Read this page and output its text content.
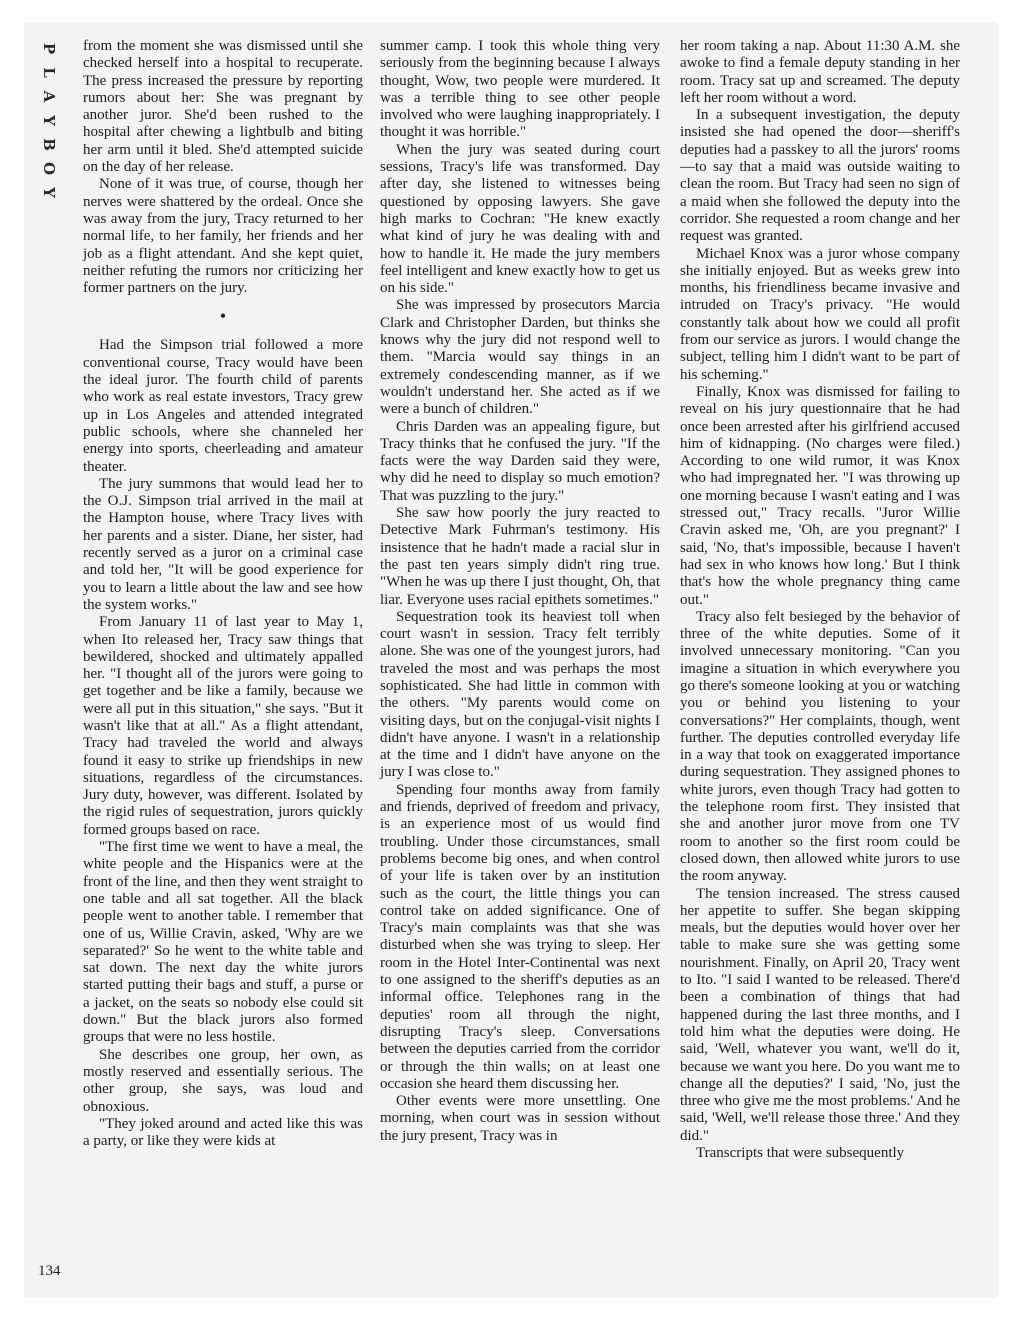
P
L
A
Y
B
O
Y

from the moment she was dismissed until she checked herself into a hospital to recuperate. The press increased the pressure by reporting rumors about her: She was pregnant by another juror. She'd been rushed to the hospital after chewing a lightbulb and biting her arm until it bled. She'd attempted suicide on the day of her release.

None of it was true, of course, though her nerves were shattered by the ordeal. Once she was away from the jury, Tracy returned to her normal life, to her family, her friends and her job as a flight attendant. And she kept quiet, neither refuting the rumors nor criticizing her former partners on the jury.

•

Had the Simpson trial followed a more conventional course, Tracy would have been the ideal juror. The fourth child of parents who work as real estate investors, Tracy grew up in Los Angeles and attended integrated public schools, where she channeled her energy into sports, cheerleading and amateur theater.

The jury summons that would lead her to the O.J. Simpson trial arrived in the mail at the Hampton house, where Tracy lives with her parents and a sister. Diane, her sister, had recently served as a juror on a criminal case and told her, "It will be good experience for you to learn a little about the law and see how the system works."

From January 11 of last year to May 1, when Ito released her, Tracy saw things that bewildered, shocked and ultimately appalled her. "I thought all of the jurors were going to get together and be like a family, because we were all put in this situation," she says. "But it wasn't like that at all." As a flight attendant, Tracy had traveled the world and always found it easy to strike up friendships in new situations, regardless of the circumstances. Jury duty, however, was different. Isolated by the rigid rules of sequestration, jurors quickly formed groups based on race.

"The first time we went to have a meal, the white people and the Hispanics were at the front of the line, and then they went straight to one table and all sat together. All the black people went to another table. I remember that one of us, Willie Cravin, asked, 'Why are we separated?' So he went to the white table and sat down. The next day the white jurors started putting their bags and stuff, a purse or a jacket, on the seats so nobody else could sit down." But the black jurors also formed groups that were no less hostile.

She describes one group, her own, as mostly reserved and essentially serious. The other group, she says, was loud and obnoxious.

"They joked around and acted like this was a party, or like they were kids at

summer camp. I took this whole thing very seriously from the beginning because I always thought, Wow, two people were murdered. It was a terrible thing to see other people involved who were laughing inappropriately. I thought it was horrible."

When the jury was seated during court sessions, Tracy's life was transformed. Day after day, she listened to witnesses being questioned by opposing lawyers. She gave high marks to Cochran: "He knew exactly what kind of jury he was dealing with and how to handle it. He made the jury members feel intelligent and knew exactly how to get us on his side."

She was impressed by prosecutors Marcia Clark and Christopher Darden, but thinks she knows why the jury did not respond well to them. "Marcia would say things in an extremely condescending manner, as if we wouldn't understand her. She acted as if we were a bunch of children."

Chris Darden was an appealing figure, but Tracy thinks that he confused the jury. "If the facts were the way Darden said they were, why did he need to display so much emotion? That was puzzling to the jury."

She saw how poorly the jury reacted to Detective Mark Fuhrman's testimony. His insistence that he hadn't made a racial slur in the past ten years simply didn't ring true. "When he was up there I just thought, Oh, that liar. Everyone uses racial epithets sometimes."

Sequestration took its heaviest toll when court wasn't in session. Tracy felt terribly alone. She was one of the youngest jurors, had traveled the most and was perhaps the most sophisticated. She had little in common with the others. "My parents would come on visiting days, but on the conjugal-visit nights I didn't have anyone. I wasn't in a relationship at the time and I didn't have anyone on the jury I was close to."

Spending four months away from family and friends, deprived of freedom and privacy, is an experience most of us would find troubling. Under those circumstances, small problems become big ones, and when control of your life is taken over by an institution such as the court, the little things you can control take on added significance. One of Tracy's main complaints was that she was disturbed when she was trying to sleep. Her room in the Hotel Inter-Continental was next to one assigned to the sheriff's deputies as an informal office. Telephones rang in the deputies' room all through the night, disrupting Tracy's sleep. Conversations between the deputies carried from the corridor or through the thin walls; on at least one occasion she heard them discussing her.

Other events were more unsettling. One morning, when court was in session without the jury present, Tracy was in

her room taking a nap. About 11:30 A.M. she awoke to find a female deputy standing in her room. Tracy sat up and screamed. The deputy left her room without a word.

In a subsequent investigation, the deputy insisted she had opened the door—sheriff's deputies had a passkey to all the jurors' rooms—to say that a maid was outside waiting to clean the room. But Tracy had seen no sign of a maid when she followed the deputy into the corridor. She requested a room change and her request was granted.

Michael Knox was a juror whose company she initially enjoyed. But as weeks grew into months, his friendliness became invasive and intruded on Tracy's privacy. "He would constantly talk about how we could all profit from our service as jurors. I would change the subject, telling him I didn't want to be part of his scheming."

Finally, Knox was dismissed for failing to reveal on his jury questionnaire that he had once been arrested after his girlfriend accused him of kidnapping. (No charges were filed.) According to one wild rumor, it was Knox who had impregnated her. "I was throwing up one morning because I wasn't eating and I was stressed out," Tracy recalls. "Juror Willie Cravin asked me, 'Oh, are you pregnant?' I said, 'No, that's impossible, because I haven't had sex in who knows how long.' But I think that's how the whole pregnancy thing came out."

Tracy also felt besieged by the behavior of three of the white deputies. Some of it involved unnecessary monitoring. "Can you imagine a situation in which everywhere you go there's someone looking at you or watching you or behind you listening to your conversations?" Her complaints, though, went further. The deputies controlled everyday life in a way that took on exaggerated importance during sequestration. They assigned phones to white jurors, even though Tracy had gotten to the telephone room first. They insisted that she and another juror move from one TV room to another so the first room could be closed down, then allowed white jurors to use the room anyway.

The tension increased. The stress caused her appetite to suffer. She began skipping meals, but the deputies would hover over her table to make sure she was getting some nourishment. Finally, on April 20, Tracy went to Ito. "I said I wanted to be released. There'd been a combination of things that had happened during the last three months, and I told him what the deputies were doing. He said, 'Well, whatever you want, we'll do it, because we want you here. Do you want me to change all the deputies?' I said, 'No, just the three who give me the most problems.' And he said, 'Well, we'll release those three.' And they did."

Transcripts that were subsequently

134
